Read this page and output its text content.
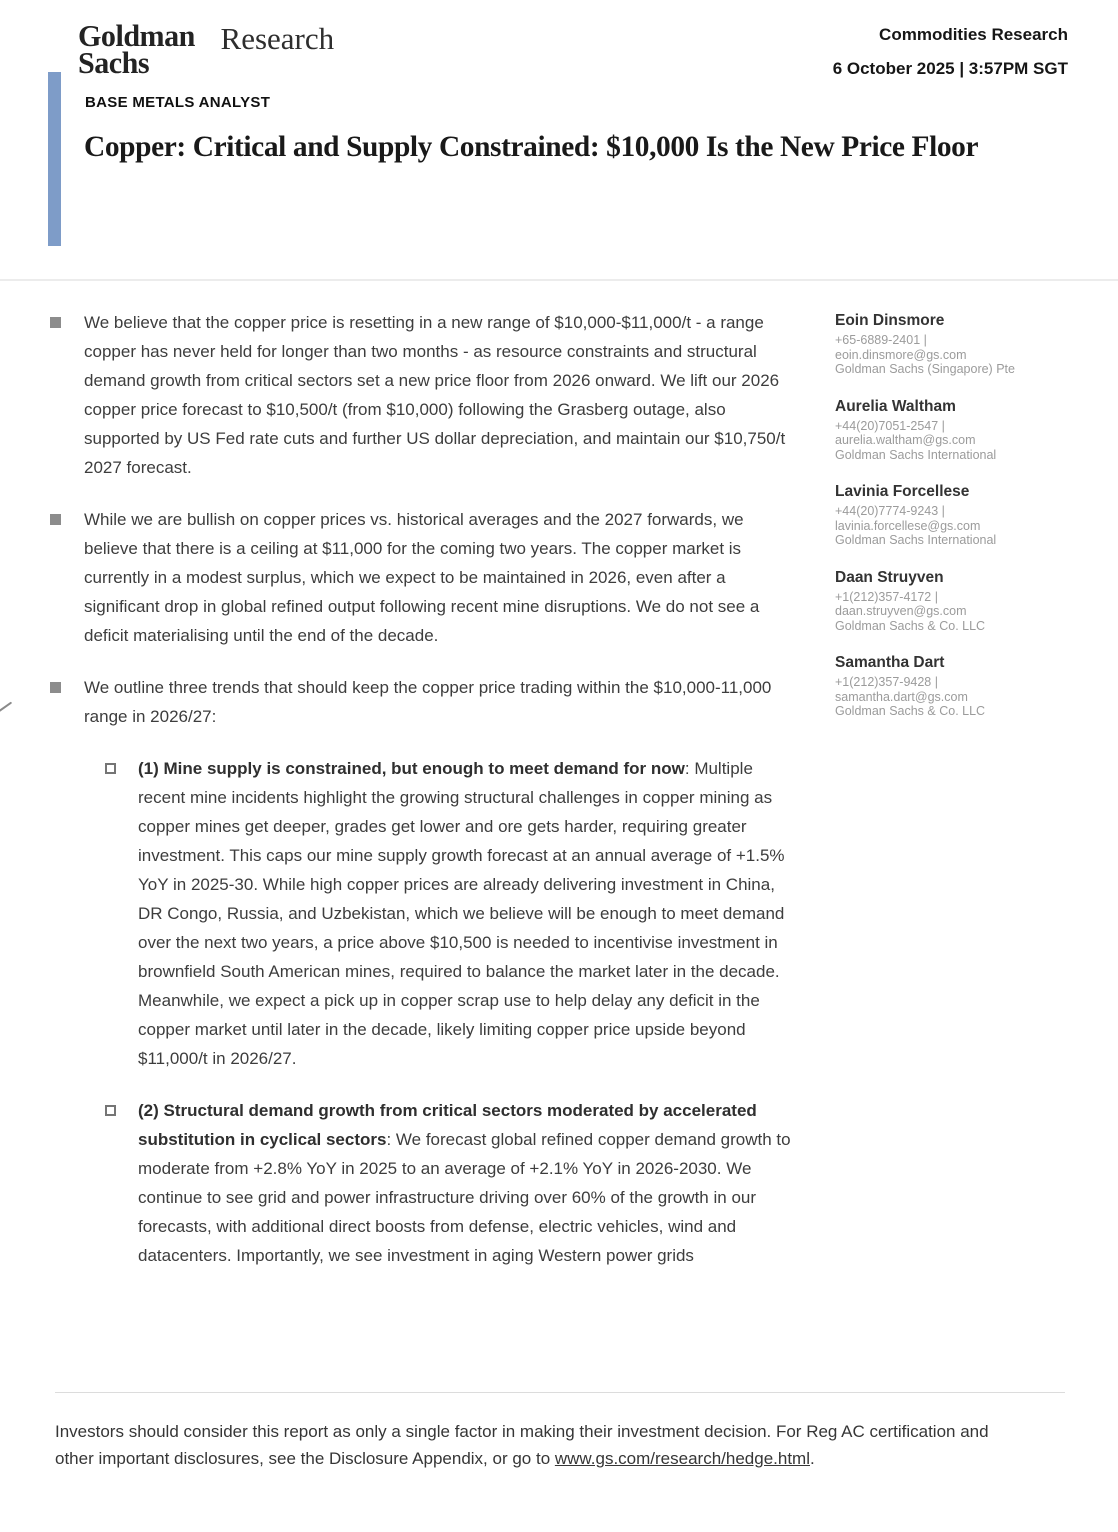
Goldman
Sachs
Research	Commodities Research
6 October 2025 | 3:57PM SGT
BASE METALS ANALYST
Copper: Critical and Supply Constrained: $10,000 Is the New Price Floor
We believe that the copper price is resetting in a new range of $10,000-$11,000/t - a range copper has never held for longer than two months - as resource constraints and structural demand growth from critical sectors set a new price floor from 2026 onward. We lift our 2026 copper price forecast to $10,500/t (from $10,000) following the Grasberg outage, also supported by US Fed rate cuts and further US dollar depreciation, and maintain our $10,750/t 2027 forecast.
While we are bullish on copper prices vs. historical averages and the 2027 forwards, we believe that there is a ceiling at $11,000 for the coming two years. The copper market is currently in a modest surplus, which we expect to be maintained in 2026, even after a significant drop in global refined output following recent mine disruptions. We do not see a deficit materialising until the end of the decade.
We outline three trends that should keep the copper price trading within the $10,000-11,000 range in 2026/27:
(1) Mine supply is constrained, but enough to meet demand for now: Multiple recent mine incidents highlight the growing structural challenges in copper mining as copper mines get deeper, grades get lower and ore gets harder, requiring greater investment. This caps our mine supply growth forecast at an annual average of +1.5% YoY in 2025-30. While high copper prices are already delivering investment in China, DR Congo, Russia, and Uzbekistan, which we believe will be enough to meet demand over the next two years, a price above $10,500 is needed to incentivise investment in brownfield South American mines, required to balance the market later in the decade. Meanwhile, we expect a pick up in copper scrap use to help delay any deficit in the copper market until later in the decade, likely limiting copper price upside beyond $11,000/t in 2026/27.
(2) Structural demand growth from critical sectors moderated by accelerated substitution in cyclical sectors: We forecast global refined copper demand growth to moderate from +2.8% YoY in 2025 to an average of +2.1% YoY in 2026-2030. We continue to see grid and power infrastructure driving over 60% of the growth in our forecasts, with additional direct boosts from defense, electric vehicles, wind and datacenters. Importantly, we see investment in aging Western power grids
Eoin Dinsmore
+65-6889-2401 |
eoin.dinsmore@gs.com
Goldman Sachs (Singapore) Pte
Aurelia Waltham
+44(20)7051-2547 |
aurelia.waltham@gs.com
Goldman Sachs International
Lavinia Forcellese
+44(20)7774-9243 |
lavinia.forcellese@gs.com
Goldman Sachs International
Daan Struyven
+1(212)357-4172 |
daan.struyven@gs.com
Goldman Sachs & Co. LLC
Samantha Dart
+1(212)357-9428 |
samantha.dart@gs.com
Goldman Sachs & Co. LLC
Investors should consider this report as only a single factor in making their investment decision. For Reg AC certification and other important disclosures, see the Disclosure Appendix, or go to www.gs.com/research/hedge.html.
